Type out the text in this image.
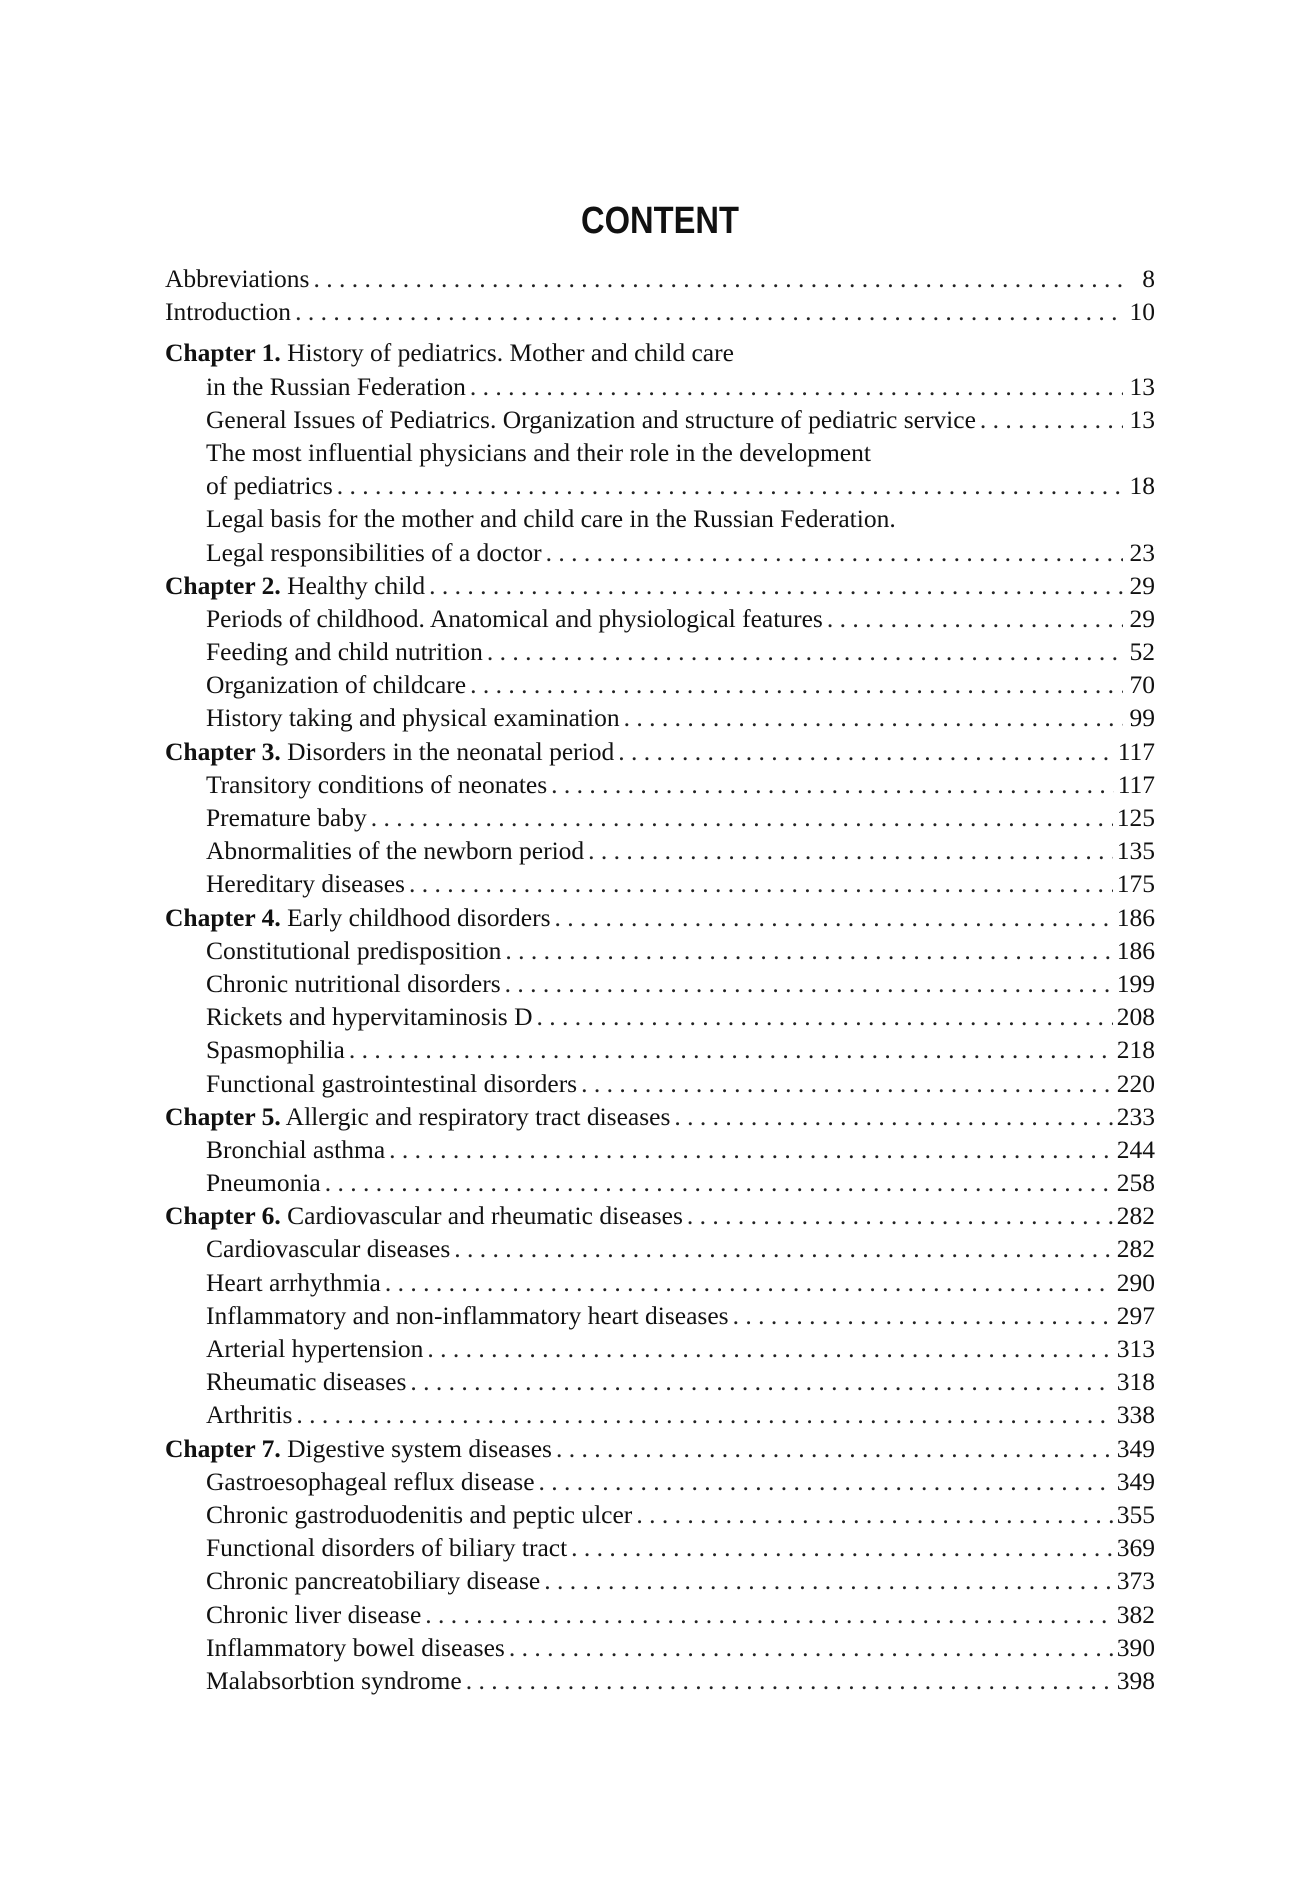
CONTENT
Abbreviations . . .	8
Introduction . . .	10
Chapter 1. History of pediatrics. Mother and child care
in the Russian Federation . . .	13
General Issues of Pediatrics. Organization and structure of pediatric service . . .	13
The most influential physicians and their role in the development
of pediatrics . . .	18
Legal basis for the mother and child care in the Russian Federation.
Legal responsibilities of a doctor . . .	23
Chapter 2. Healthy child . . .	29
Periods of childhood. Anatomical and physiological features . . .	29
Feeding and child nutrition . . .	52
Organization of childcare . . .	70
History taking and physical examination . . .	99
Chapter 3. Disorders in the neonatal period . . .	117
Transitory conditions of neonates . . .	117
Premature baby . . .	125
Abnormalities of the newborn period . . .	135
Hereditary diseases . . .	175
Chapter 4. Early childhood disorders . . .	186
Constitutional predisposition . . .	186
Chronic nutritional disorders . . .	199
Rickets and hypervitaminosis D . . .	208
Spasmophilia . . .	218
Functional gastrointestinal disorders . . .	220
Chapter 5. Allergic and respiratory tract diseases . . .	233
Bronchial asthma . . .	244
Pneumonia . . .	258
Chapter 6. Cardiovascular and rheumatic diseases . . .	282
Cardiovascular diseases . . .	282
Heart arrhythmia . . .	290
Inflammatory and non-inflammatory heart diseases . . .	297
Arterial hypertension . . .	313
Rheumatic diseases . . .	318
Arthritis . . .	338
Chapter 7. Digestive system diseases . . .	349
Gastroesophageal reflux disease . . .	349
Chronic gastroduodenitis and peptic ulcer . . .	355
Functional disorders of biliary tract . . .	369
Chronic pancreatobiliary disease . . .	373
Chronic liver disease . . .	382
Inflammatory bowel diseases . . .	390
Malabsorbtion syndrome . . .	398
